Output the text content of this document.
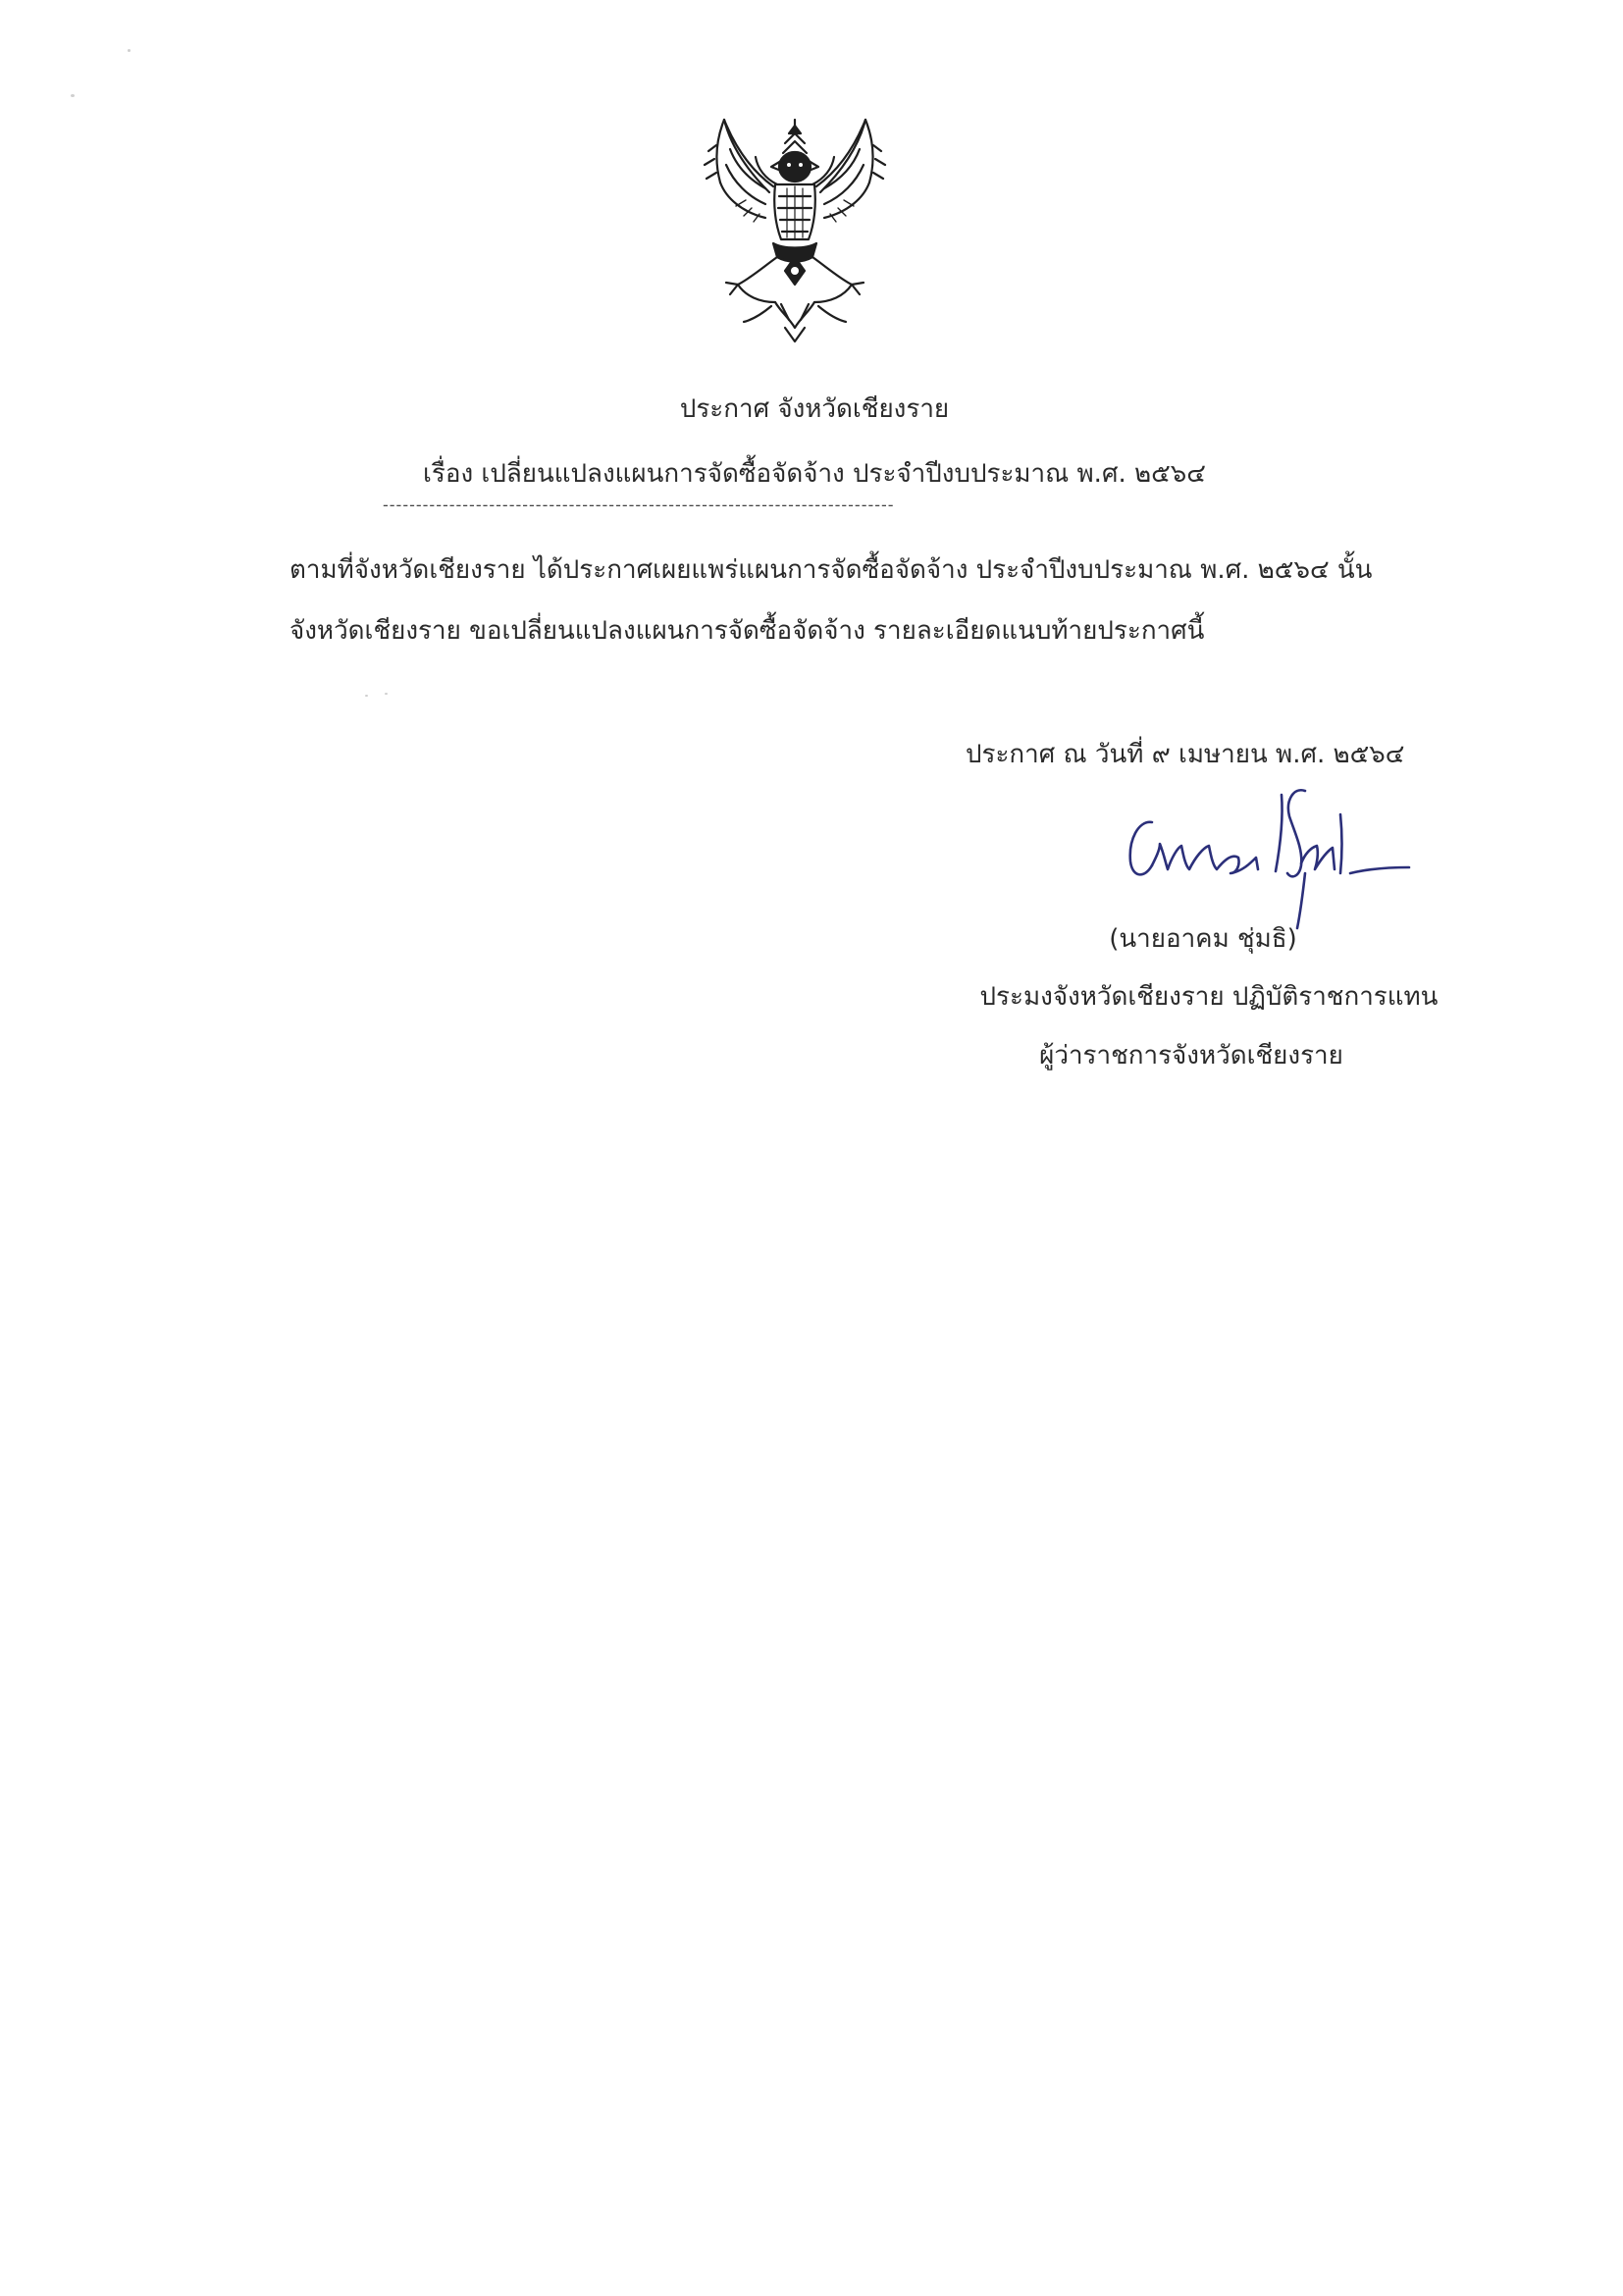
ประกาศ จังหวัดเชียงราย
เรื่อง เปลี่ยนแปลงแผนการจัดซื้อจัดจ้าง ประจำปีงบประมาณ พ.ศ. ๒๕๖๔
-----------------------------------------------------------------------------
ตามที่จังหวัดเชียงราย ได้ประกาศเผยแพร่แผนการจัดซื้อจัดจ้าง ประจำปีงบประมาณ พ.ศ. ๒๕๖๔ นั้น
จังหวัดเชียงราย ขอเปลี่ยนแปลงแผนการจัดซื้อจัดจ้าง รายละเอียดแนบท้ายประกาศนี้
ประกาศ ณ วันที่ ๙ เมษายน พ.ศ. ๒๕๖๔
(นายอาคม ชุ่มธิ)
ประมงจังหวัดเชียงราย ปฏิบัติราชการแทน
ผู้ว่าราชการจังหวัดเชียงราย
